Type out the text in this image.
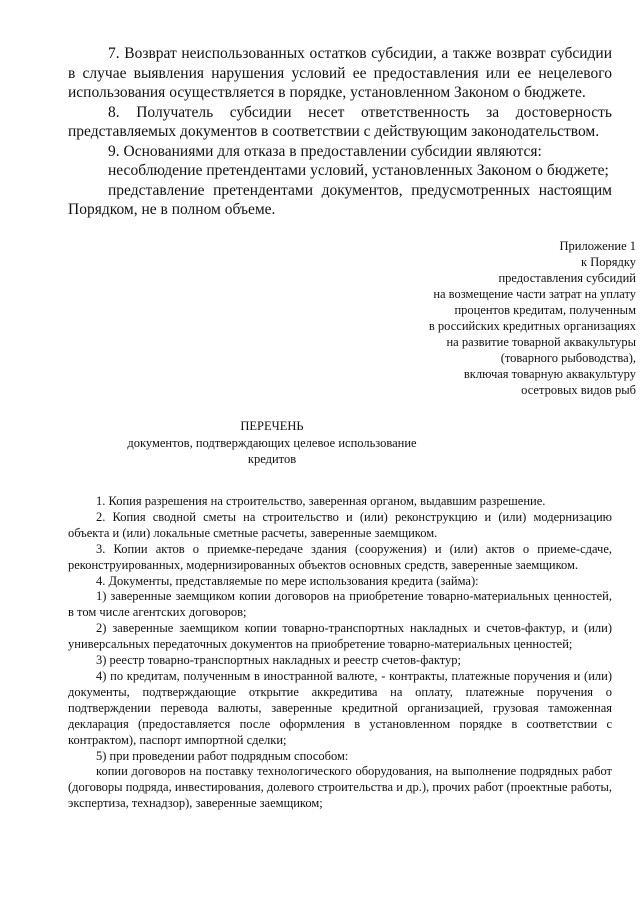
7. Возврат неиспользованных остатков субсидии, а также возврат субсидии в случае выявления нарушения условий ее предоставления или ее нецелевого использования осуществляется в порядке, установленном Законом о бюджете.

8. Получатель субсидии несет ответственность за достоверность представляемых документов в соответствии с действующим законодательством.

9. Основаниями для отказа в предоставлении субсидии являются:

несоблюдение претендентами условий, установленных Законом о бюджете;

представление претендентами документов, предусмотренных настоящим Порядком, не в полном объеме.

Приложение 1
к Порядку
предоставления субсидий
на возмещение части затрат на уплату
процентов кредитам, полученным
в российских кредитных организациях
на развитие товарной аквакультуры
(товарного рыбоводства),
включая товарную аквакультуру
осетровых видов рыб
ПЕРЕЧЕНЬ
документов, подтверждающих целевое использование
кредитов

1. Копия разрешения на строительство, заверенная органом, выдавшим разрешение.

2. Копия сводной сметы на строительство и (или) реконструкцию и (или) модернизацию объекта и (или) локальные сметные расчеты, заверенные заемщиком.

3. Копии актов о приемке-передаче здания (сооружения) и (или) актов о приеме-сдаче, реконструированных, модернизированных объектов основных средств, заверенные заемщиком.

4. Документы, представляемые по мере использования кредита (займа):

1) заверенные заемщиком копии договоров на приобретение товарно-материальных ценностей, в том числе агентских договоров;

2) заверенные заемщиком копии товарно-транспортных накладных и счетов-фактур, и (или) универсальных передаточных документов на приобретение товарно-материальных ценностей;

3) реестр товарно-транспортных накладных и реестр счетов-фактур;

4) по кредитам, полученным в иностранной валюте, - контракты, платежные поручения и (или) документы, подтверждающие открытие аккредитива на оплату, платежные поручения о подтверждении перевода валюты, заверенные кредитной организацией, грузовая таможенная декларация (предоставляется после оформления в установленном порядке в соответствии с контрактом), паспорт импортной сделки;

5) при проведении работ подрядным способом:

копии договоров на поставку технологического оборудования, на выполнение подрядных работ (договоры подряда, инвестирования, долевого строительства и др.), прочих работ (проектные работы, экспертиза, технадзор), заверенные заемщиком;
